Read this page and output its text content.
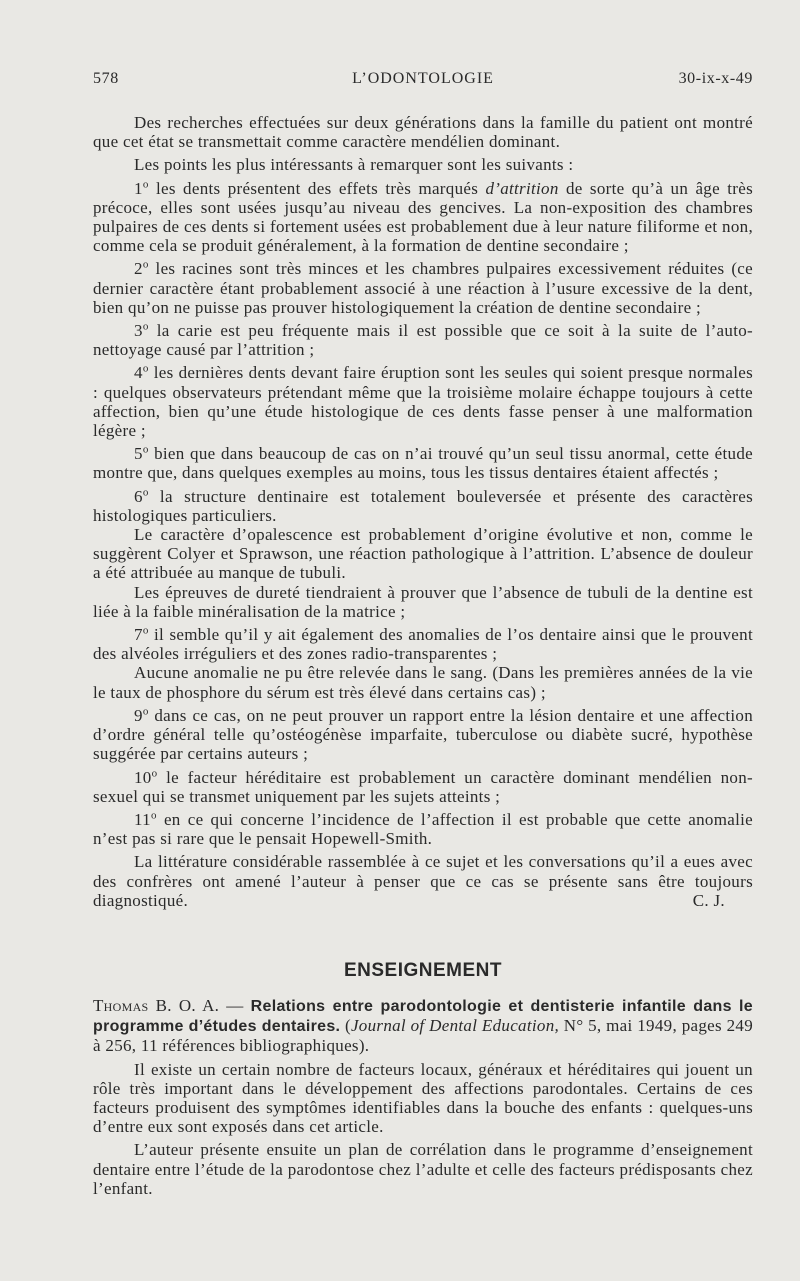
578	L’ODONTOLOGIE	30-ix-x-49

Des recherches effectuées sur deux générations dans la famille du patient ont montré que cet état se transmettait comme caractère mendélien dominant.

Les points les plus intéressants à remarquer sont les suivants :

1$^o$ les dents présentent des effets très marqués d’attrition de sorte qu’à un âge très précoce, elles sont usées jusqu’au niveau des gencives. La non-exposition des chambres pulpaires de ces dents si fortement usées est probablement due à leur nature filiforme et non, comme cela se produit généralement, à la formation de dentine secondaire ;

2$^o$ les racines sont très minces et les chambres pulpaires excessivement réduites (ce dernier caractère étant probablement associé à une réaction à l’usure excessive de la dent, bien qu’on ne puisse pas prouver histologiquement la création de dentine secondaire ;

3$^o$ la carie est peu fréquente mais il est possible que ce soit à la suite de l’auto-nettoyage causé par l’attrition ;

4$^o$ les dernières dents devant faire éruption sont les seules qui soient presque normales : quelques observateurs prétendant même que la troisième molaire échappe toujours à cette affection, bien qu’une étude histologique de ces dents fasse penser à une malformation légère ;

5$^o$ bien que dans beaucoup de cas on n’ai trouvé qu’un seul tissu anormal, cette étude montre que, dans quelques exemples au moins, tous les tissus dentaires étaient affectés ;

6$^o$ la structure dentinaire est totalement bouleversée et présente des caractères histologiques particuliers.

Le caractère d’opalescence est probablement d’origine évolutive et non, comme le suggèrent Colyer et Sprawson, une réaction pathologique à l’attrition. L’absence de douleur a été attribuée au manque de tubuli.

Les épreuves de dureté tiendraient à prouver que l’absence de tubuli de la dentine est liée à la faible minéralisation de la matrice ;

7$^o$ il semble qu’il y ait également des anomalies de l’os dentaire ainsi que le prouvent des alvéoles irréguliers et des zones radio-transparentes ;

Aucune anomalie ne pu être relevée dans le sang. (Dans les premières années de la vie le taux de phosphore du sérum est très élevé dans certains cas) ;

9$^o$ dans ce cas, on ne peut prouver un rapport entre la lésion dentaire et une affection d’ordre général telle qu’ostéogénèse imparfaite, tuberculose ou diabète sucré, hypothèse suggérée par certains auteurs ;

10$^o$ le facteur héréditaire est probablement un caractère dominant mendélien non-sexuel qui se transmet uniquement par les sujets atteints ;

11$^o$ en ce qui concerne l’incidence de l’affection il est probable que cette anomalie n’est pas si rare que le pensait Hopewell-Smith.

La littérature considérable rassemblée à ce sujet et les conversations qu’il a eues avec des confrères ont amené l’auteur à penser que ce cas se présente sans être toujours diagnostiqué.	C. J.

ENSEIGNEMENT

Thomas B. O. A. — Relations entre parodontologie et dentisterie infantile dans le programme d’études dentaires. (Journal of Dental Education, N° 5, mai 1949, pages 249 à 256, 11 références bibliographiques).

Il existe un certain nombre de facteurs locaux, généraux et héréditaires qui jouent un rôle très important dans le développement des affections parodontales. Certains de ces facteurs produisent des symptômes identifiables dans la bouche des enfants : quelques-uns d’entre eux sont exposés dans cet article.

L’auteur présente ensuite un plan de corrélation dans le programme d’enseignement dentaire entre l’étude de la parodontose chez l’adulte et celle des facteurs prédisposants chez l’enfant.
